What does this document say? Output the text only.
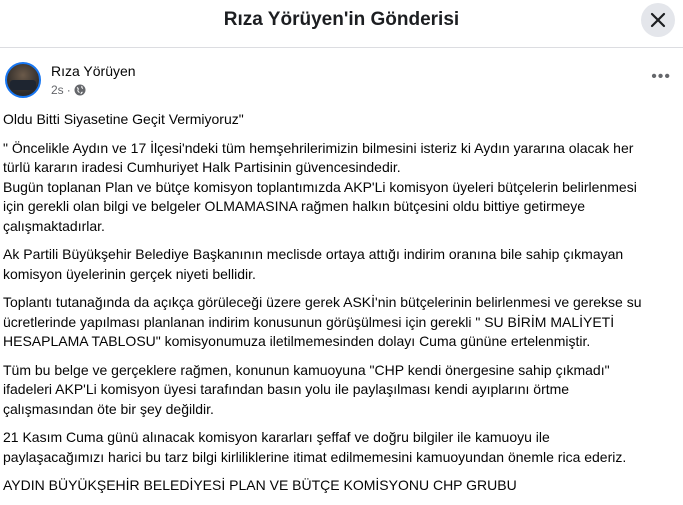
Rıza Yörüyen'in Gönderisi
Rıza Yörüyen
2s ·
•••
Oldu Bitti Siyasetine Geçit Vermiyoruz"
" Öncelikle Aydın ve 17 İlçesi'ndeki tüm hemşehrilerimizin bilmesini isteriz ki Aydın yararına olacak her
türlü kararın iradesi Cumhuriyet Halk Partisinin güvencesindedir.
Bugün toplanan Plan ve bütçe komisyon toplantımızda AKP'Li komisyon üyeleri bütçelerin belirlenmesi
için gerekli olan bilgi ve belgeler OLMAMASINA rağmen halkın bütçesini oldu bittiye getirmeye
çalışmaktadırlar.
Ak Partili Büyükşehir Belediye Başkanının meclisde ortaya attığı indirim oranına bile sahip çıkmayan
komisyon üyelerinin gerçek niyeti bellidir.
Toplantı tutanağında da açıkça görüleceği üzere gerek ASKİ'nin bütçelerinin belirlenmesi ve gerekse su
ücretlerinde yapılması planlanan indirim konusunun görüşülmesi için gerekli " SU BİRİM MALİYETİ
HESAPLAMA TABLOSU" komisyonumuza iletilmemesinden dolayı Cuma gününe ertelenmiştir.
Tüm bu belge ve gerçeklere rağmen, konunun kamuoyuna "CHP kendi önergesine sahip çıkmadı"
ifadeleri AKP'Li komisyon üyesi tarafından basın yolu ile paylaşılması kendi ayıplarını örtme
çalışmasından öte bir şey değildir.
21 Kasım Cuma günü alınacak komisyon kararları şeffaf ve doğru bilgiler ile kamuoyu ile
paylaşacağımızı harici bu tarz bilgi kirliliklerine itimat edilmemesini kamuoyundan önemle rica ederiz.
AYDIN BÜYÜKŞEHİR BELEDİYESİ PLAN VE BÜTÇE KOMİSYONU CHP GRUBU
